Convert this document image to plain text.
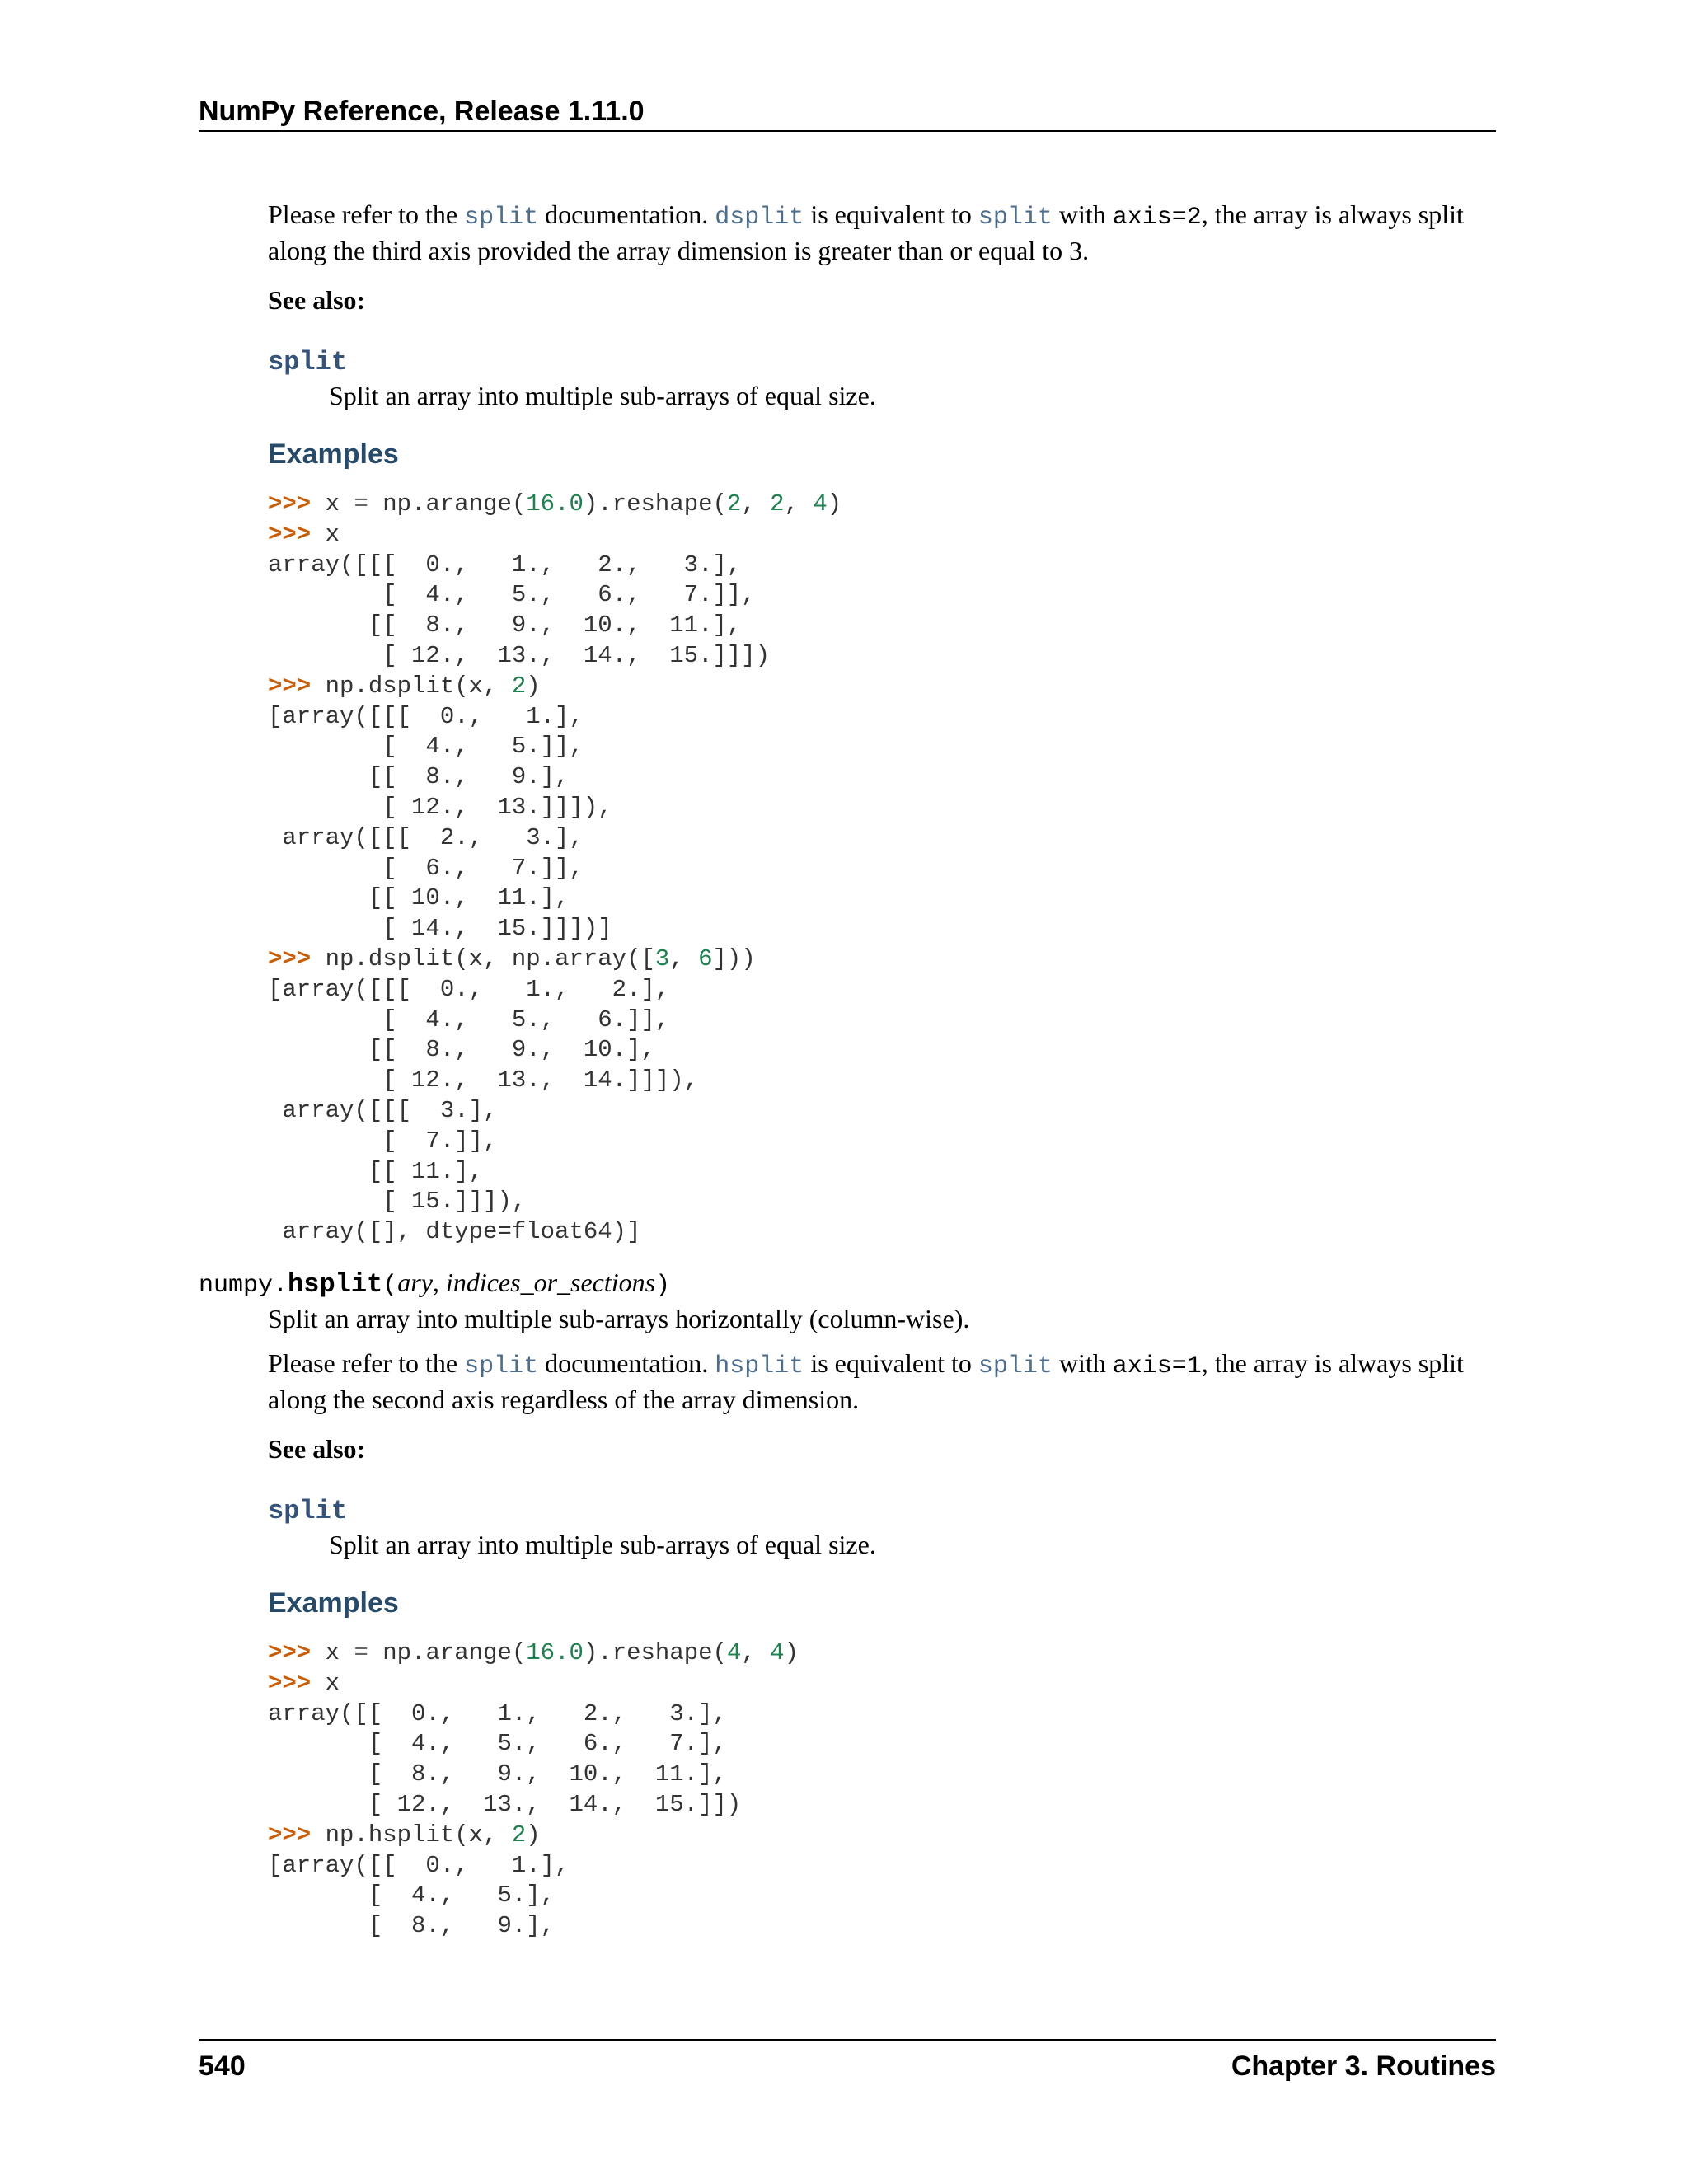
NumPy Reference, Release 1.11.0

Please refer to the split documentation. dsplit is equivalent to split with axis=2, the array is always split along the third axis provided the array dimension is greater than or equal to 3.

See also:
split
Split an array into multiple sub-arrays of equal size.
Examples
>>> x = np.arange(16.0).reshape(2, 2, 4)
>>> x
array([[[  0.,   1.,   2.,   3.],
[  4.,   5.,   6.,   7.]],
[[  8.,   9.,  10.,  11.],
[ 12.,  13.,  14.,  15.]]])
>>> np.dsplit(x, 2)
[array([[[  0.,   1.],
[  4.,   5.]],
[[  8.,   9.],
[ 12.,  13.]]]),
array([[[  2.,   3.],
[  6.,   7.]],
[[ 10.,  11.],
[ 14.,  15.]]])]
>>> np.dsplit(x, np.array([3, 6]))
[array([[[  0.,   1.,   2.],
[  4.,   5.,   6.]],
[[  8.,   9.,  10.],
[ 12.,  13.,  14.]]]),
array([[[  3.],
[  7.]],
[[ 11.],
[ 15.]]]),
array([], dtype=float64)]
numpy.hsplit(ary, indices_or_sections)

Split an array into multiple sub-arrays horizontally (column-wise).

Please refer to the split documentation. hsplit is equivalent to split with axis=1, the array is always split along the second axis regardless of the array dimension.

See also:
split
Split an array into multiple sub-arrays of equal size.
Examples
>>> x = np.arange(16.0).reshape(4, 4)
>>> x
array([[  0.,   1.,   2.,   3.],
[  4.,   5.,   6.,   7.],
[  8.,   9.,  10.,  11.],
[ 12.,  13.,  14.,  15.]])
>>> np.hsplit(x, 2)
[array([[  0.,   1.],
[  4.,   5.],
[  8.,   9.],
540	Chapter 3. Routines
